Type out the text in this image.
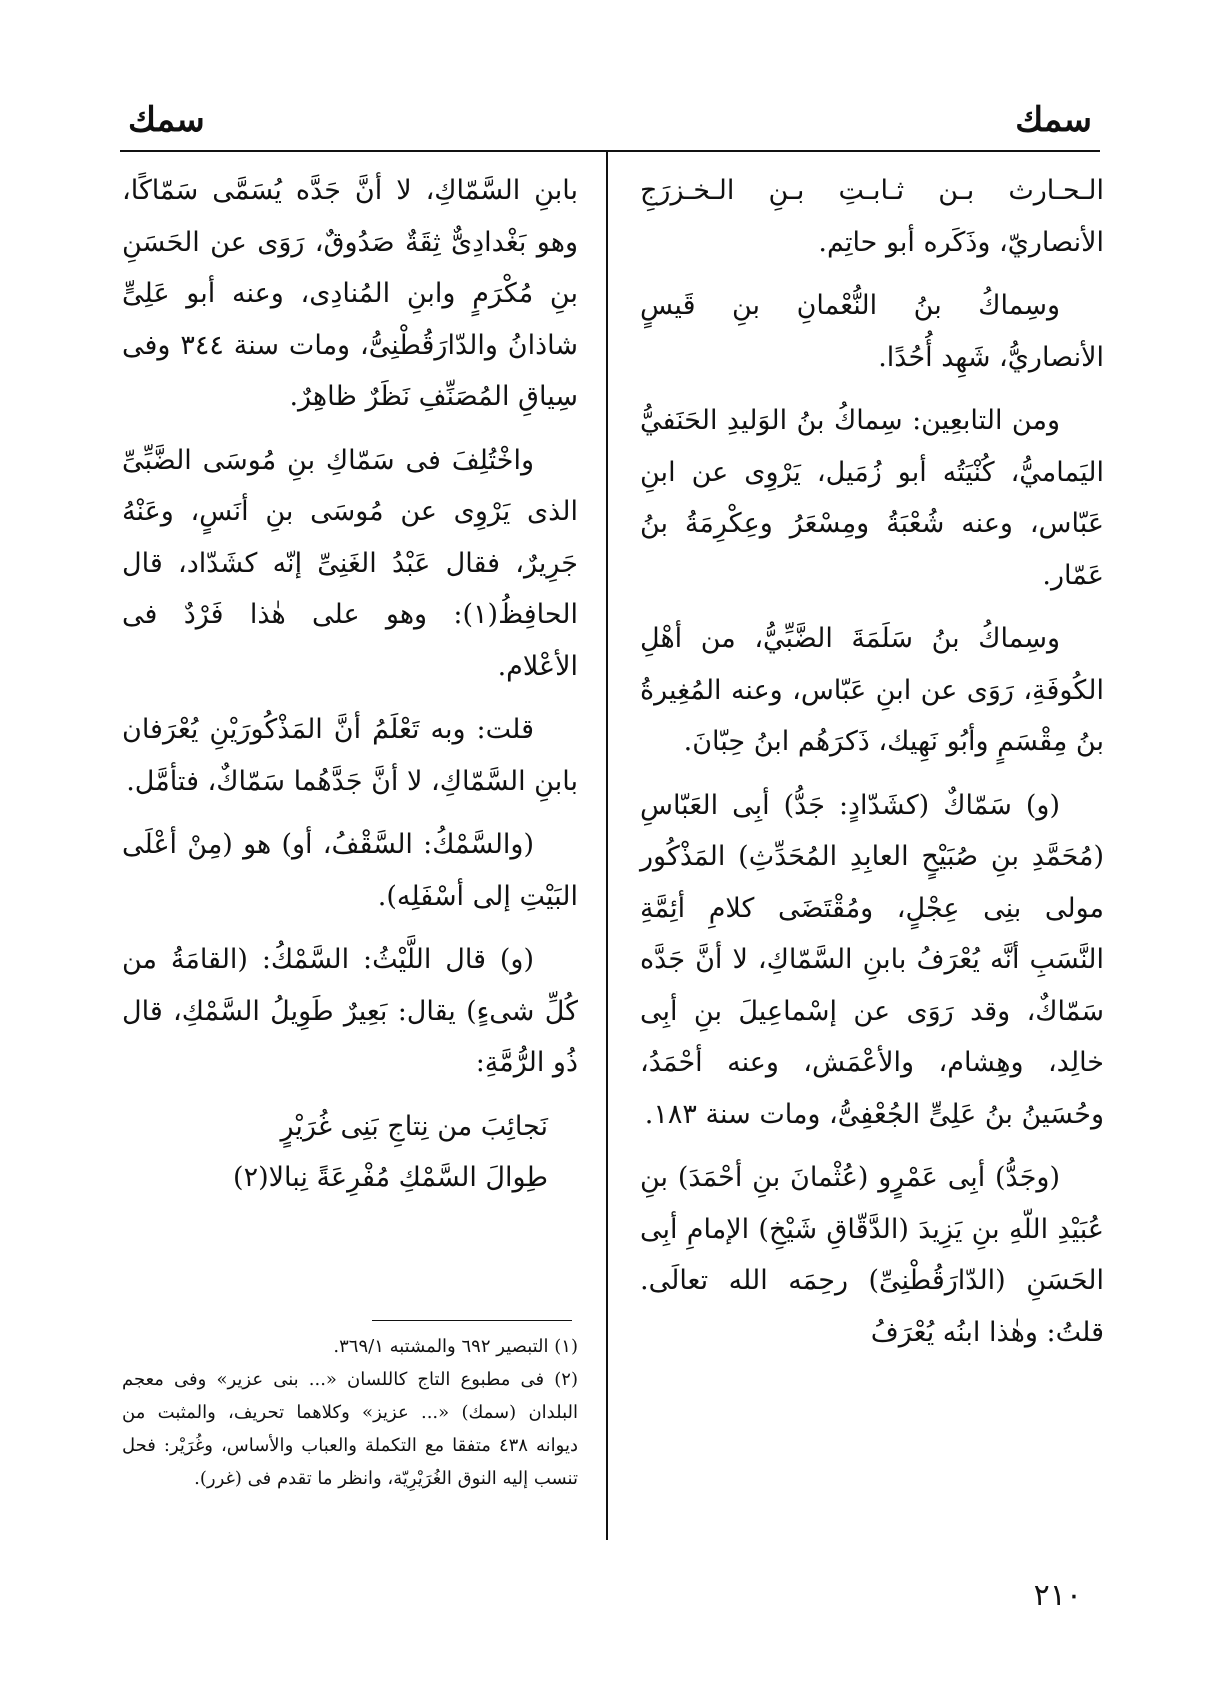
سمك	سمك

الـحـارث بـن ثـابـتِ بـنِ الـخـزرَجِ الأنصاريّ، وذَكَره أبو حاتِم.

وسِماكُ بنُ النُّعْمانِ بنِ قَيسٍ الأنصاريُّ، شَهِد أُحُدًا.

ومن التابعِين: سِماكُ بنُ الوَليدِ الحَنَفيُّ اليَماميُّ، كُنْيَتُه أبو زُمَيل، يَرْوِى عن ابنِ عَبّاس، وعنه شُعْبَةُ ومِسْعَرُ وعِكْرِمَةُ بنُ عَمّار.

وسِماكُ بنُ سَلَمَةَ الضَّبِّيُّ، من أهْلِ الكُوفَةِ، رَوَى عن ابنِ عَبّاس، وعنه المُغِيرةُ بنُ مِقْسَمٍ وأبُو نَهِيك، ذَكرَهُم ابنُ حِبّانَ.

(و) سَمّاكٌ (كشَدّادٍ: جَدُّ) أبِى العَبّاسِ (مُحَمَّدِ بنِ صُبَيْحٍ العابِدِ المُحَدِّثِ) المَذْكُور مولى بنِى عِجْلٍ، ومُقْتَضَى كلامِ أئِمَّةِ النَّسَبِ أنَّه يُعْرَفُ بابنِ السَّمّاكِ، لا أنَّ جَدَّه سَمّاكٌ، وقد رَوَى عن إسْماعِيلَ بنِ أبِى خالِد، وهِشام، والأعْمَش، وعنه أحْمَدُ، وحُسَينُ بنُ عَلِىٍّ الجُعْفِىُّ، ومات سنة ١٨٣.

(وجَدُّ) أبِى عَمْرٍو (عُثْمانَ بنِ أحْمَدَ) بنِ عُبَيْدِ اللّهِ بنِ يَزِيدَ (الدَّقّاقِ شَيْخِ) الإمامِ أبِى الحَسَنِ (الدّارَقُطْنِىِّ) رحِمَه الله تعالَى. قلتُ: وهٰذا ابنُه يُعْرَفُ

بابنِ السَّمّاكِ، لا أنَّ جَدَّه يُسَمَّى سَمّاكًا، وهو بَغْدادِىٌّ ثِقَةٌ صَدُوقٌ، رَوَى عن الحَسَنِ بنِ مُكْرَمٍ وابنِ المُنادِى، وعنه أبو عَلِىٍّ شاذانُ والدّارَقُطْنِىُّ، ومات سنة ٣٤٤ وفى سِياقِ المُصَنِّفِ نَظَرٌ ظاهِرٌ.

واخْتُلِفَ فى سَمّاكِ بنِ مُوسَى الضَّبِّىِّ الذى يَرْوِى عن مُوسَى بنِ أنَسٍ، وعَنْهُ جَرِيرٌ، فقال عَبْدُ الغَنِىِّ إنّه كشَدّاد، قال الحافِظُ(١): وهو على هٰذا فَرْدٌ فى الأعْلام.

قلت: وبه تَعْلَمُ أنَّ المَذْكُورَيْنِ يُعْرَفان بابنِ السَّمّاكِ، لا أنَّ جَدَّهُما سَمّاكٌ، فتأمَّل.

(والسَّمْكُ: السَّقْفُ، أو) هو (مِنْ أعْلَى البَيْتِ إلى أسْفَلِه).

(و) قال اللَّيْثُ: السَّمْكُ: (القامَةُ من كُلِّ شىءٍ) يقال: بَعِيرٌ طَوِيلُ السَّمْكِ، قال ذُو الرُّمَّةِ:

نَجائِبَ من نِتاجِ بَنِى غُرَيْرٍ
طِوالَ السَّمْكِ مُفْرِعَةً نِبالا(٢)

(١) التبصير ٦٩٢ والمشتبه ٣٦٩/١.

(٢) فى مطبوع التاج كاللسان «... بنى عزير» وفى معجم البلدان (سمك) «... عزيز» وكلاهما تحريف، والمثبت من ديوانه ٤٣٨ متفقا مع التكملة والعباب والأساس، وغُرَيْر: فحل تنسب إليه النوق الغُرَيْرِيّة، وانظر ما تقدم فى (غرر).

٢١٠
